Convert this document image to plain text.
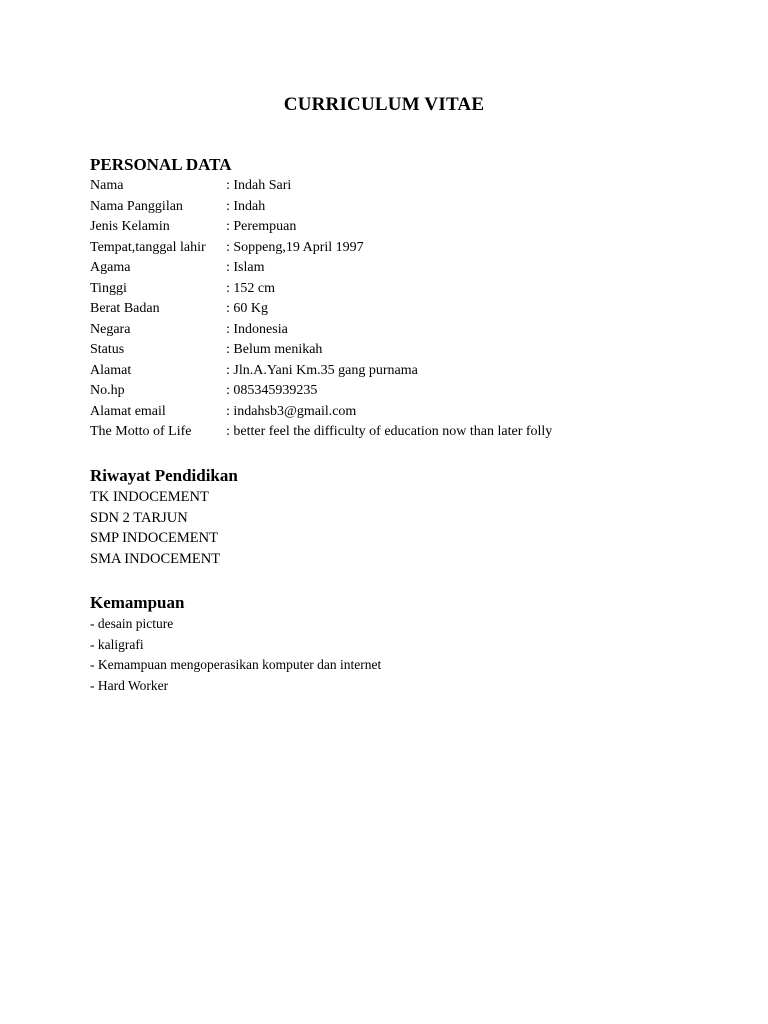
CURRICULUM VITAE
PERSONAL DATA
Nama	: Indah Sari
Nama Panggilan	: Indah
Jenis Kelamin	: Perempuan
Tempat,tanggal lahir : Soppeng,19 April 1997
Agama	: Islam
Tinggi	: 152 cm
Berat Badan	: 60 Kg
Negara	: Indonesia
Status	: Belum menikah
Alamat	: Jln.A.Yani Km.35 gang purnama
No.hp	: 085345939235
Alamat email	: indahsb3@gmail.com
The Motto of Life : better feel the difficulty of education now than later folly
Riwayat Pendidikan
TK INDOCEMENT
SDN 2 TARJUN
SMP INDOCEMENT
SMA INDOCEMENT
Kemampuan
- desain picture
- kaligrafi
- Kemampuan mengoperasikan komputer dan internet
- Hard Worker
